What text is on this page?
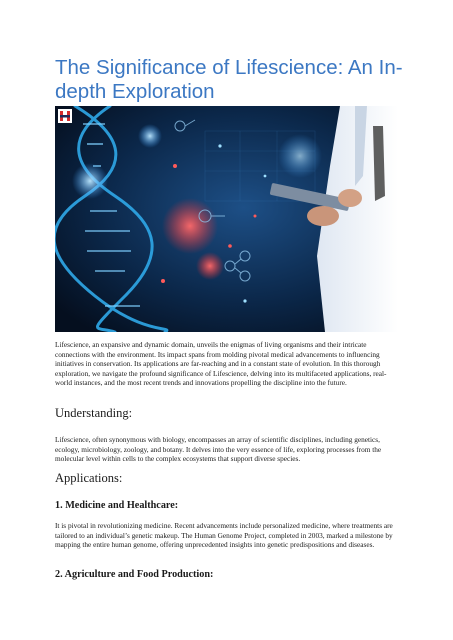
The Significance of Lifescience: An In-depth Exploration

Lifescience, an expansive and dynamic domain, unveils the enigmas of living organisms and their intricate connections with the environment. Its impact spans from molding pivotal medical advancements to influencing initiatives in conservation. Its applications are far-reaching and in a constant state of evolution. In this thorough exploration, we navigate the profound significance of Lifescience, delving into its multifaceted applications, real-world instances, and the most recent trends and innovations propelling the discipline into the future.

Understanding:

Lifescience, often synonymous with biology, encompasses an array of scientific disciplines, including genetics, ecology, microbiology, zoology, and botany. It delves into the very essence of life, exploring processes from the molecular level within cells to the complex ecosystems that support diverse species.

Applications:
1. Medicine and Healthcare:

It is pivotal in revolutionizing medicine. Recent advancements include personalized medicine, where treatments are tailored to an individual’s genetic makeup. The Human Genome Project, completed in 2003, marked a milestone by mapping the entire human genome, offering unprecedented insights into genetic predispositions and diseases.

2. Agriculture and Food Production:
